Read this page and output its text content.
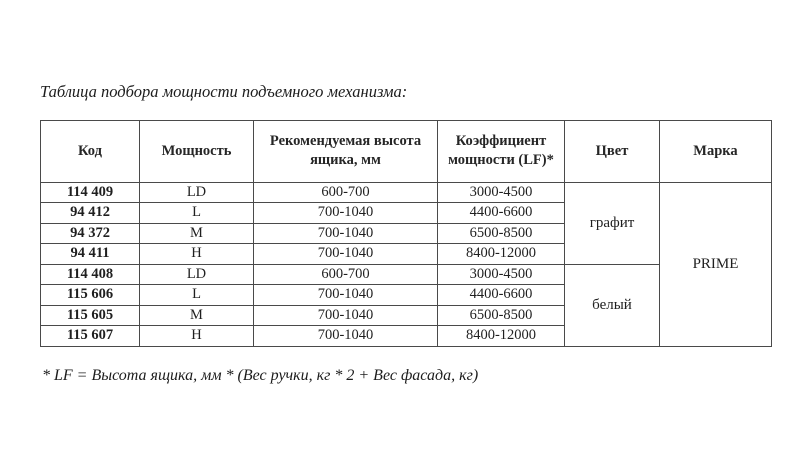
Таблица подбора мощности подъемного механизма:

Код	Мощность	Рекомендуемая высота ящика, мм	Коэффициент мощности (LF)*	Цвет	Марка
114 409	LD	600-700	3000-4500	графит	PRIME
94 412	L	700-1040	4400-6600		
94 372	M	700-1040	6500-8500		
94 411	H	700-1040	8400-12000		
114 408	LD	600-700	3000-4500	белый	
115 606	L	700-1040	4400-6600		
115 605	M	700-1040	6500-8500		
115 607	H	700-1040	8400-12000		

* LF = Высота ящика, мм * (Вес ручки, кг * 2 + Вес фасада, кг)
